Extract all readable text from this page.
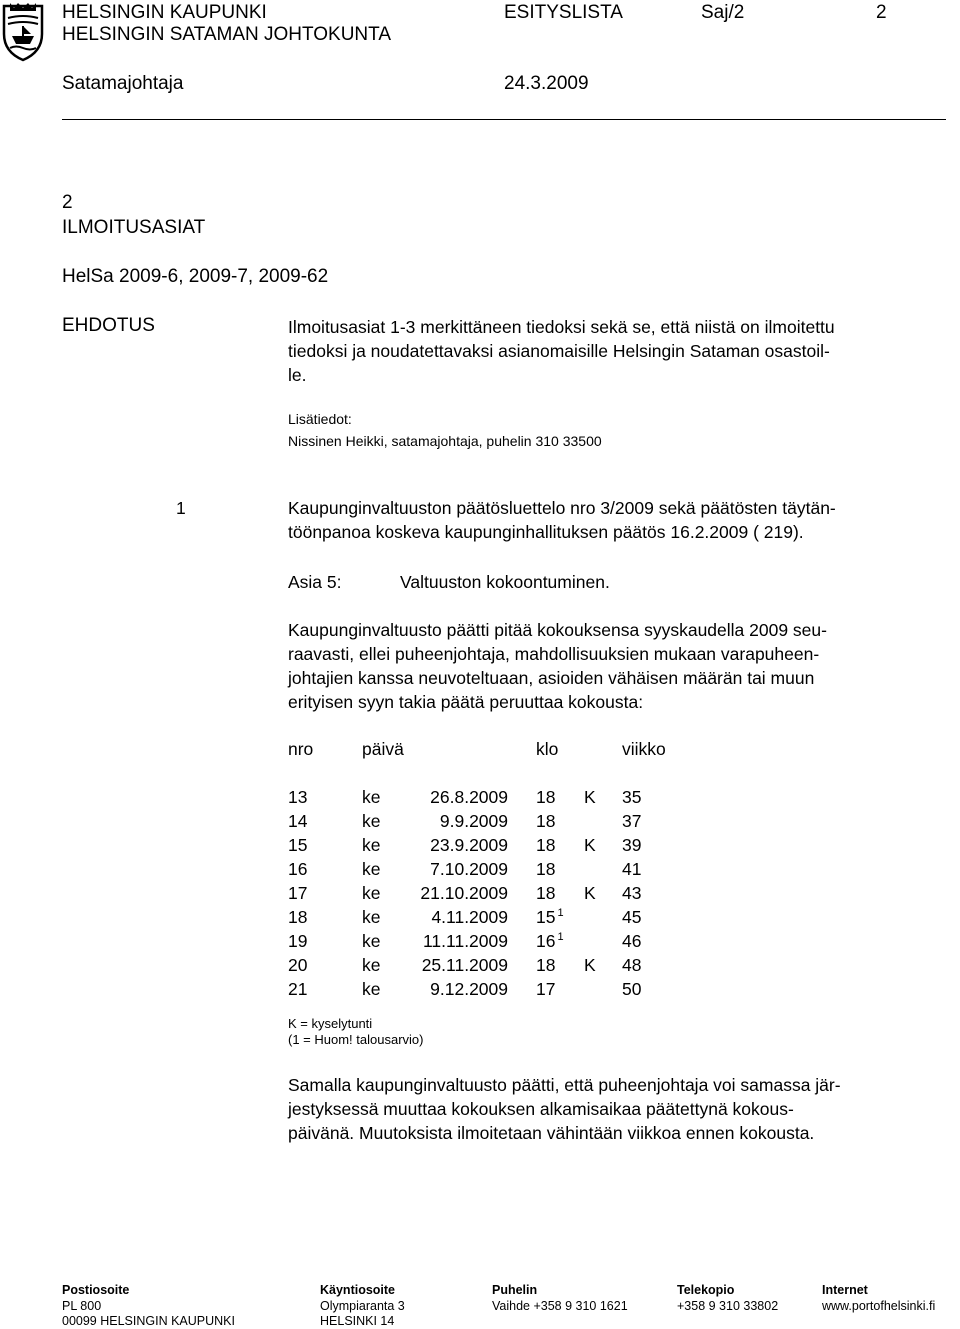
HELSINGIN KAUPUNKI
HELSINGIN SATAMAN JOHTOKUNTA
ESITYSLISTA	Saj/2	2
Satamajohtaja	24.3.2009
2
ILMOITUSASIAT
HelSa 2009-6, 2009-7, 2009-62
EHDOTUS	Ilmoitusasiat 1-3 merkittäneen tiedoksi sekä se, että niistä on ilmoitettu
tiedoksi ja noudatettavaksi asianomaisille Helsingin Sataman osastoil-
le.
Lisätiedot:
Nissinen Heikki, satamajohtaja, puhelin 310 33500
1	Kaupunginvaltuuston päätösluettelo nro 3/2009 sekä päätösten täytän-
töönpanoa koskeva kaupunginhallituksen päätös 16.2.2009 ( 219).
Asia 5:	Valtuuston kokoontuminen.
Kaupunginvaltuusto päätti pitää kokouksensa syyskaudella 2009 seu-
raavasti, ellei puheenjohtaja, mahdollisuuksien mukaan varapuheen-
johtajien kanssa neuvoteltuaan, asioiden vähäisen määrän tai muun
erityisen syyn takia päätä peruuttaa kokousta:
nro	päivä	klo	viikko
13	ke	26.8.2009 18 K 35
14	ke	9.9.2009 18	37
15	ke	23.9.2009 18 K 39
16	ke	7.10.2009 18	41
17	ke	21.10.2009 18 K 43
18	ke	4.11.2009 15 $^1$	45
19	ke	11.11.2009 16 $^1$	46
20	ke	25.11.2009 18 K 48
21	ke	9.12.2009 17	50
K = kyselytunti
(1 = Huom! talousarvio)
Samalla kaupunginvaltuusto päätti, että puheenjohtaja voi samassa jär-
jestyksessä muuttaa kokouksen alkamisaikaa päätettynä kokous-
päivänä. Muutoksista ilmoitetaan vähintään viikkoa ennen kokousta.
Postiosoite
PL 800
00099 HELSINGIN KAUPUNKI
Käyntiosoite
Olympiaranta 3
HELSINKI 14
Puhelin
Vaihde +358 9 310 1621
Telekopio
+358 9 310 33802
Internet
www.portofhelsinki.fi
